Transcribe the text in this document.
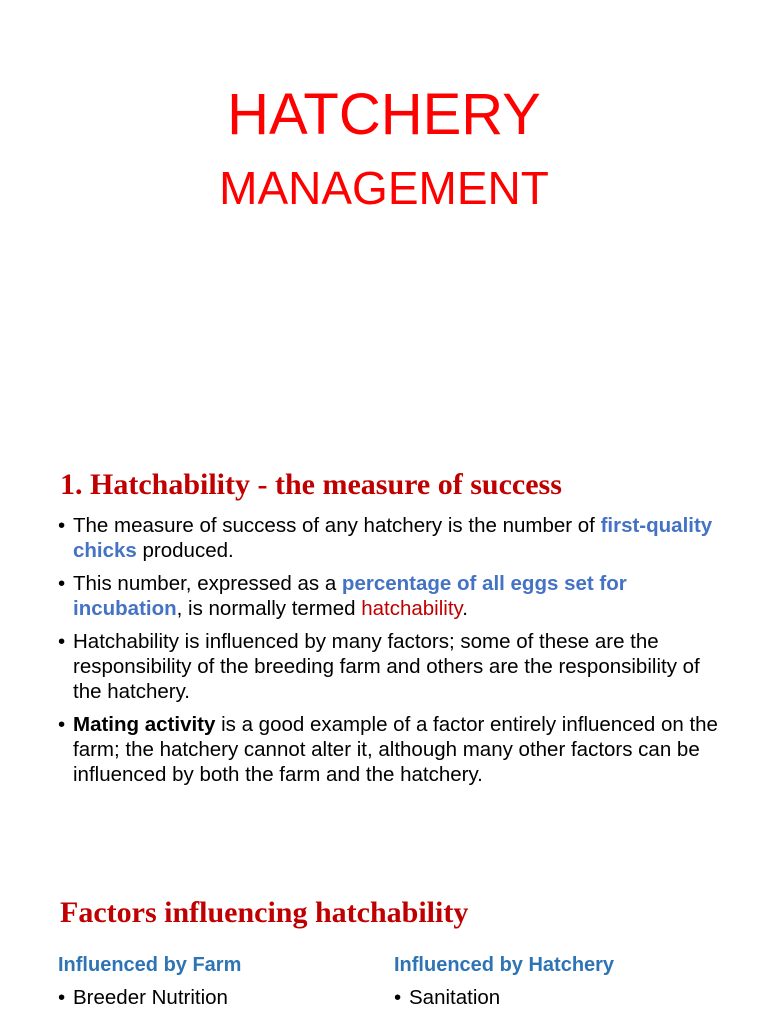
HATCHERY
MANAGEMENT
1. Hatchability - the measure of success
• The measure of success of any hatchery is the number of first-quality chicks produced.
• This number, expressed as a percentage of all eggs set for incubation, is normally termed hatchability.
• Hatchability is influenced by many factors; some of these are the responsibility of the breeding farm and others are the responsibility of the hatchery.
• Mating activity is a good example of a factor entirely influenced on the farm; the hatchery cannot alter it, although many other factors can be influenced by both the farm and the hatchery.
Factors influencing hatchability
Influenced by Farm
• Breeder Nutrition
Influenced by Hatchery
• Sanitation
